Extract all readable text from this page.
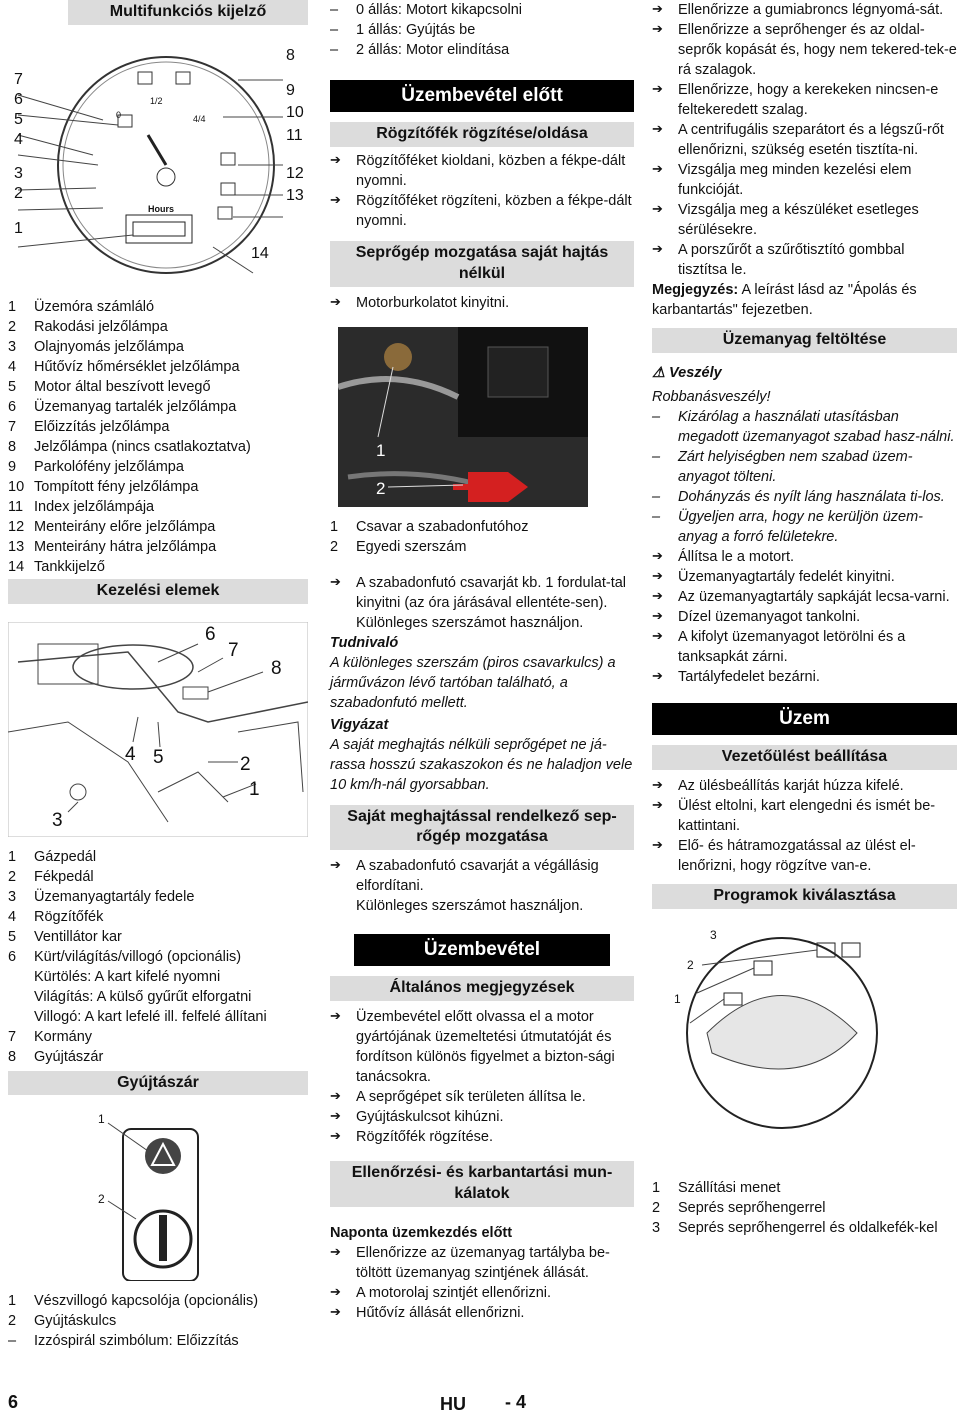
Multifunkciós kijelző
7
6
5
4
3
2
1
8
9
10
11
12
13
14
1/2
0	4/4
Hours
1	Üzemóra számláló
2	Rakodási jelzőlámpa
3	Olajnyomás jelzőlámpa
4	Hűtővíz hőmérséklet jelzőlámpa
5	Motor által beszívott levegő
6	Üzemanyag tartalék jelzőlámpa
7	Előizzítás jelzőlámpa
8	Jelzőlámpa (nincs csatlakoztatva)
9	Parkolófény jelzőlámpa
10 Tompított fény jelzőlámpa
11 Index jelzőlámpája
12 Menteirány előre jelzőlámpa
13 Menteirány hátra jelzőlámpa
14 Tankkijelző
Kezelési elemek
6
7
8
4 5	2
1
3
1	Gázpedál
2	Fékpedál
3	Üzemanyagtartály fedele
4	Rögzítőfék
5	Ventillátor kar
6	Kürt/világítás/villogó (opcionális)
Kürtölés: A kart kifelé nyomni
Világítás: A külső gyűrűt elforgatni
Villogó: A kart lefelé ill. felfelé állítani
7	Kormány
8	Gyújtászár
Gyújtászár
1
2
1	Vészvillogó kapcsolója (opcionális)
2	Gyújtáskulcs
–	Izzóspirál szimbólum: Előizzítás
–	0 állás: Motort kikapcsolni
–	1 állás: Gyújtás be
–	2 állás: Motor elindítása
Üzembevétel előtt
Rögzítőfék rögzítése/oldása
➔	Rögzítőféket kioldani, közben a fékpe-dált nyomni.
➔	Rögzítőféket rögzíteni, közben a fékpe-dált nyomni.
Seprőgép mozgatása saját hajtás nélkül
➔	Motorburkolatot kinyitni.
1
2
1	Csavar a szabadonfutóhoz
2	Egyedi szerszám
➔	A szabadonfutó csavarját kb. 1 fordulat-tal kinyitni (az óra járásával ellentéte-sen).
Különleges szerszámot használjon.
Tudnivaló
A különleges szerszám (piros csavarkulcs) a járművázon lévő tartóban található, a szabadonfutó mellett.
Vigyázat
A saját meghajtás nélküli seprőgépet ne já-rassa hosszú szakaszokon és ne haladjon vele 10 km/h-nál gyorsabban.
Saját meghajtással rendelkező sep-rőgép mozgatása
➔	A szabadonfutó csavarját a végállásig elfordítani.
Különleges szerszámot használjon.
Üzembevétel
Általános megjegyzések
➔	Üzembevétel előtt olvassa el a motor gyártójának üzemeltetési útmutatóját és fordítson különös figyelmet a bizton-sági tanácsokra.
➔	A seprőgépet sík területen állítsa le.
➔	Gyújtáskulcsot kihúzni.
➔	Rögzítőfék rögzítése.
Ellenőrzési- és karbantartási mun-kálatok
Naponta üzemkezdés előtt
➔	Ellenőrizze az üzemanyag tartályba be-töltött üzemanyag szintjének állását.
➔	A motorolaj szintjét ellenőrizni.
➔	Hűtővíz állását ellenőrizni.
➔	Ellenőrizze a gumiabroncs légnyomá-sát.
➔	Ellenőrizze a seprőhenger és az oldal-seprők kopását és, hogy nem tekered-tek-e rá szalagok.
➔	Ellenőrizze, hogy a kerekeken nincsen-e feltekeredett szalag.
➔	A centrifugális szeparátort és a légszű-rőt ellenőrizni, szükség esetén tisztíta-ni.
➔	Vizsgálja meg minden kezelési elem funkcióját.
➔	Vizsgálja meg a készüléket esetleges sérülésekre.
➔	A porszűrőt a szűrőtisztító gombbal tisztítsa le.
Megjegyzés: A leírást lásd az "Ápolás és karbantartás" fejezetben.
Üzemanyag feltöltése
⚠ Veszély
Robbanásveszély!
–	Kizárólag a használati utasításban megadott üzemanyagot szabad hasz-nálni.
–	Zárt helyiségben nem szabad üzem-anyagot tölteni.
–	Dohányzás és nyílt láng használata ti-los.
–	Ügyeljen arra, hogy ne kerüljön üzem-anyag a forró felületekre.
➔	Állítsa le a motort.
➔	Üzemanyagtartály fedelét kinyitni.
➔	Az üzemanyagtartály sapkáját lecsa-varni.
➔	Dízel üzemanyagot tankolni.
➔	A kifolyt üzemanyagot letörölni és a tanksapkát zárni.
➔	Tartályfedelet bezárni.
Üzem
Vezetőülést beállítása
➔	Az ülésbeállítás karját húzza kifelé.
➔	Ülést eltolni, kart elengedni és ismét be-kattintani.
➔	Elő- és hátramozgatással az ülést el-lenőrizni, hogy rögzítve van-e.
Programok kiválasztása
3
2
1
1	Szállítási menet
2	Seprés seprőhengerrel
3	Seprés seprőhengerrel és oldalkefék-kel
6	HU - 4
